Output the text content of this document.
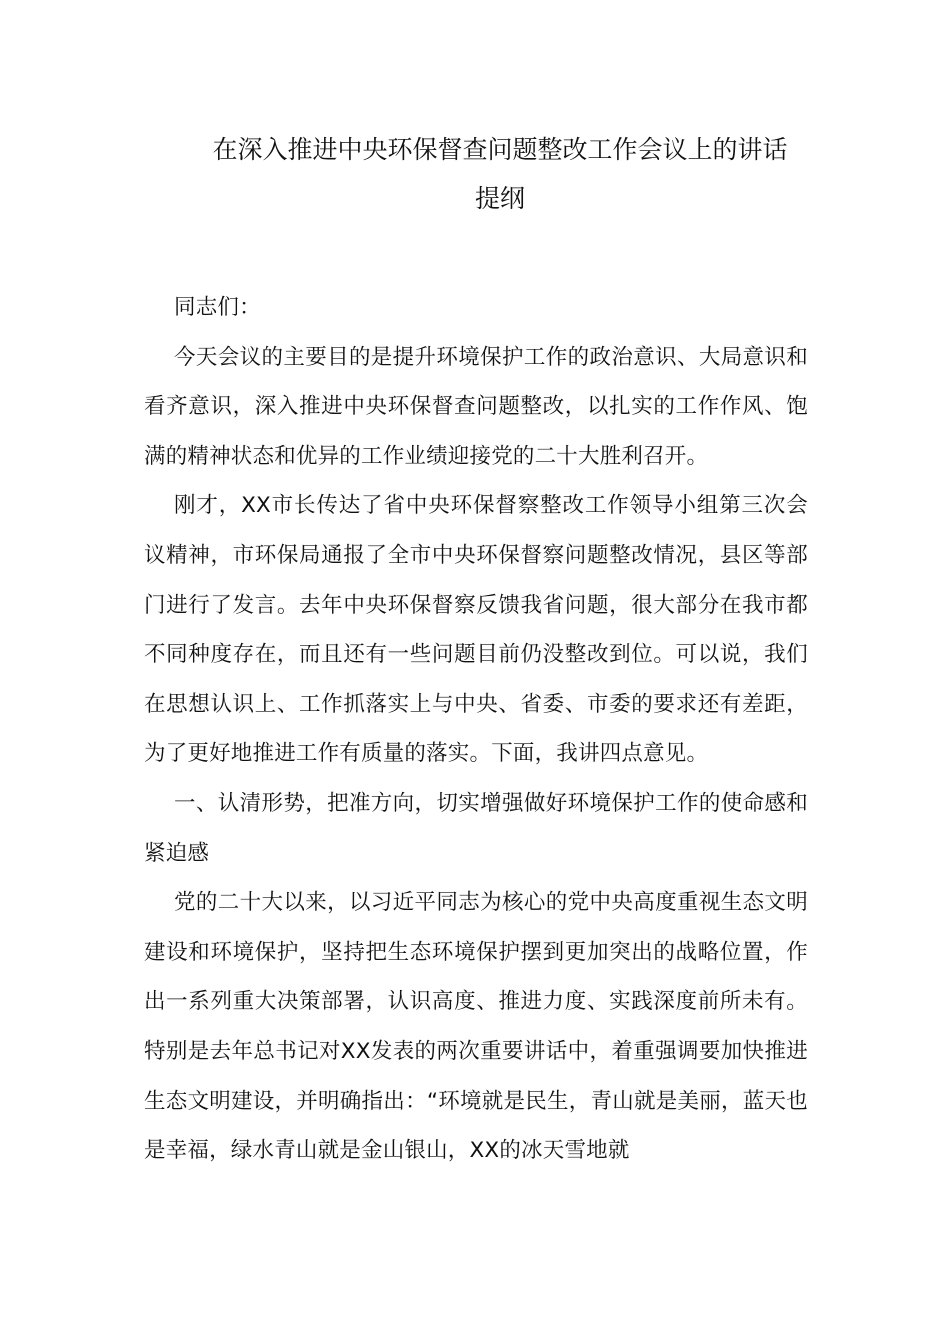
在深入推进中央环保督查问题整改工作会议上的讲话
提纲

同志们：

今天会议的主要目的是提升环境保护工作的政治意识、大局意识和看齐意识，深入推进中央环保督查问题整改，以扎实的工作作风、饱满的精神状态和优异的工作业绩迎接党的二十大胜利召开。

刚才，XX市长传达了省中央环保督察整改工作领导小组第三次会议精神，市环保局通报了全市中央环保督察问题整改情况，县区等部门进行了发言。去年中央环保督察反馈我省问题，很大部分在我市都不同种度存在，而且还有一些问题目前仍没整改到位。可以说，我们在思想认识上、工作抓落实上与中央、省委、市委的要求还有差距，为了更好地推进工作有质量的落实。下面，我讲四点意见。

一、认清形势，把准方向，切实增强做好环境保护工作的使命感和紧迫感

党的二十大以来，以习近平同志为核心的党中央高度重视生态文明建设和环境保护，坚持把生态环境保护摆到更加突出的战略位置，作出一系列重大决策部署，认识高度、推进力度、实践深度前所未有。特别是去年总书记对XX发表的两次重要讲话中，着重强调要加快推进生态文明建设，并明确指出：“环境就是民生，青山就是美丽，蓝天也是幸福，绿水青山就是金山银山，XX的冰天雪地就
